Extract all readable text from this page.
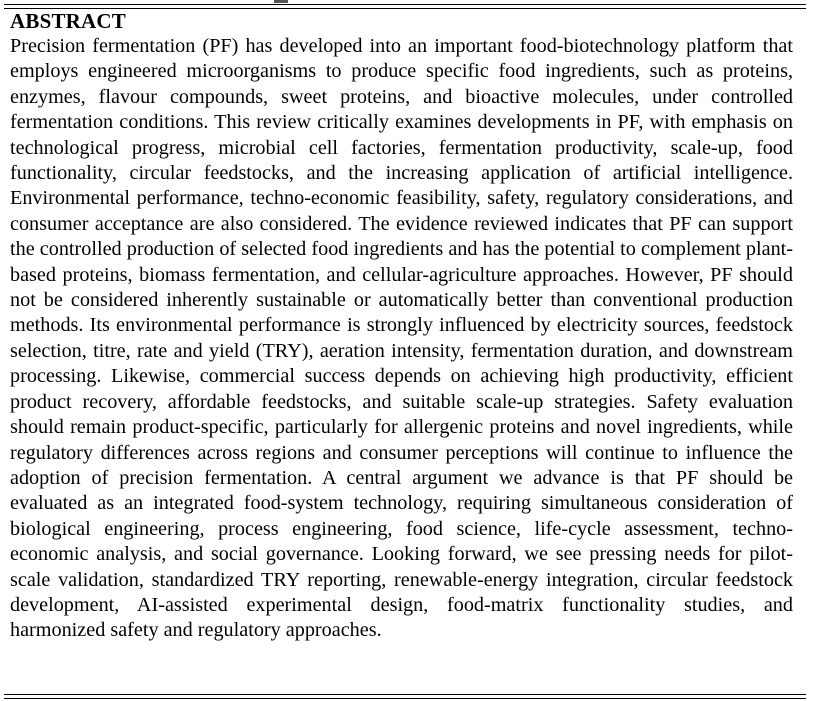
ABSTRACT

Precision fermentation (PF) has developed into an important food-biotechnology platform that employs engineered microorganisms to produce specific food ingredients, such as proteins, enzymes, flavour compounds, sweet proteins, and bioactive molecules, under controlled fermentation conditions. This review critically examines developments in PF, with emphasis on technological progress, microbial cell factories, fermentation productivity, scale-up, food functionality, circular feedstocks, and the increasing application of artificial intelligence. Environmental performance, techno-economic feasibility, safety, regulatory considerations, and consumer acceptance are also considered. The evidence reviewed indicates that PF can support the controlled production of selected food ingredients and has the potential to complement plant-based proteins, biomass fermentation, and cellular-agriculture approaches. However, PF should not be considered inherently sustainable or automatically better than conventional production methods. Its environmental performance is strongly influenced by electricity sources, feedstock selection, titre, rate and yield (TRY), aeration intensity, fermentation duration, and downstream processing. Likewise, commercial success depends on achieving high productivity, efficient product recovery, affordable feedstocks, and suitable scale-up strategies. Safety evaluation should remain product-specific, particularly for allergenic proteins and novel ingredients, while regulatory differences across regions and consumer perceptions will continue to influence the adoption of precision fermentation. A central argument we advance is that PF should be evaluated as an integrated food-system technology, requiring simultaneous consideration of biological engineering, process engineering, food science, life-cycle assessment, techno-economic analysis, and social governance. Looking forward, we see pressing needs for pilot-scale validation, standardized TRY reporting, renewable-energy integration, circular feedstock development, AI-assisted experimental design, food-matrix functionality studies, and harmonized safety and regulatory approaches.
